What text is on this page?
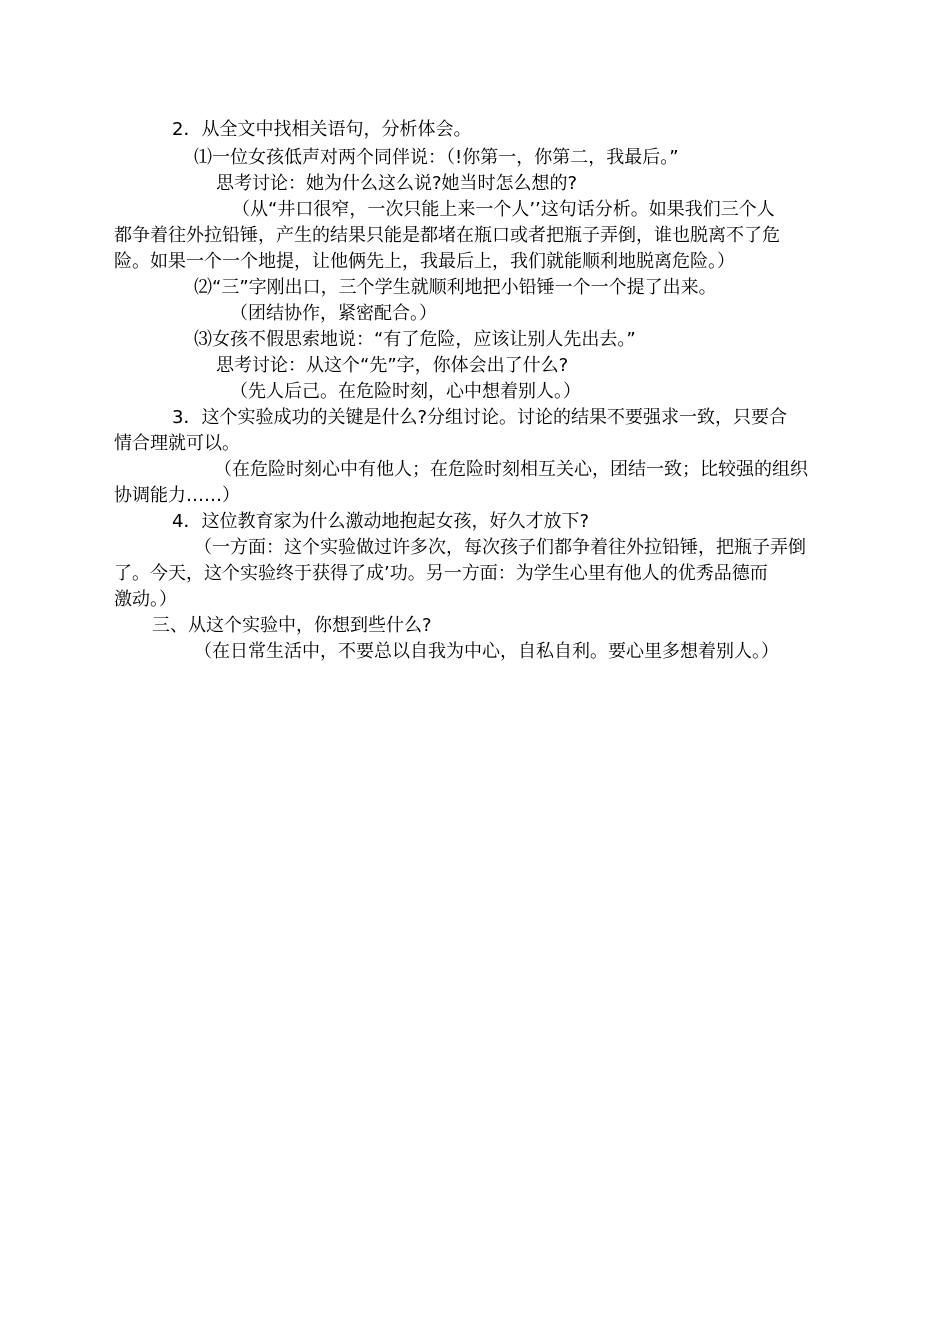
2．从全文中找相关语句，分析体会。
⑴一位女孩低声对两个同伴说：（!你第一，你第二，我最后。”
思考讨论：她为什么这么说?她当时怎么想的?
（从“井口很窄，一次只能上来一个人’’这句话分析。如果我们三个人
都争着往外拉铅锤，产生的结果只能是都堵在瓶口或者把瓶子弄倒，谁也脱离不了危
险。如果一个一个地提，让他俩先上，我最后上，我们就能顺利地脱离危险。）
⑵“三”字刚出口，三个学生就顺利地把小铅锤一个一个提了出来。
（团结协作，紧密配合。）
⑶女孩不假思索地说：“有了危险，应该让别人先出去。”
思考讨论：从这个“先”字，你体会出了什么?
（先人后己。在危险时刻，心中想着别人。）
3．这个实验成功的关键是什么?分组讨论。讨论的结果不要强求一致，只要合
情合理就可以。
（在危险时刻心中有他人；在危险时刻相互关心，团结一致；比较强的组织
协调能力……）
4．这位教育家为什么激动地抱起女孩，好久才放下?
（一方面：这个实验做过许多次，每次孩子们都争着往外拉铅锤，把瓶子弄倒
了。今天，这个实验终于获得了成’功。另一方面：为学生心里有他人的优秀品德而
激动。）
三、从这个实验中，你想到些什么?
（在日常生活中，不要总以自我为中心，自私自利。要心里多想着别人。）
